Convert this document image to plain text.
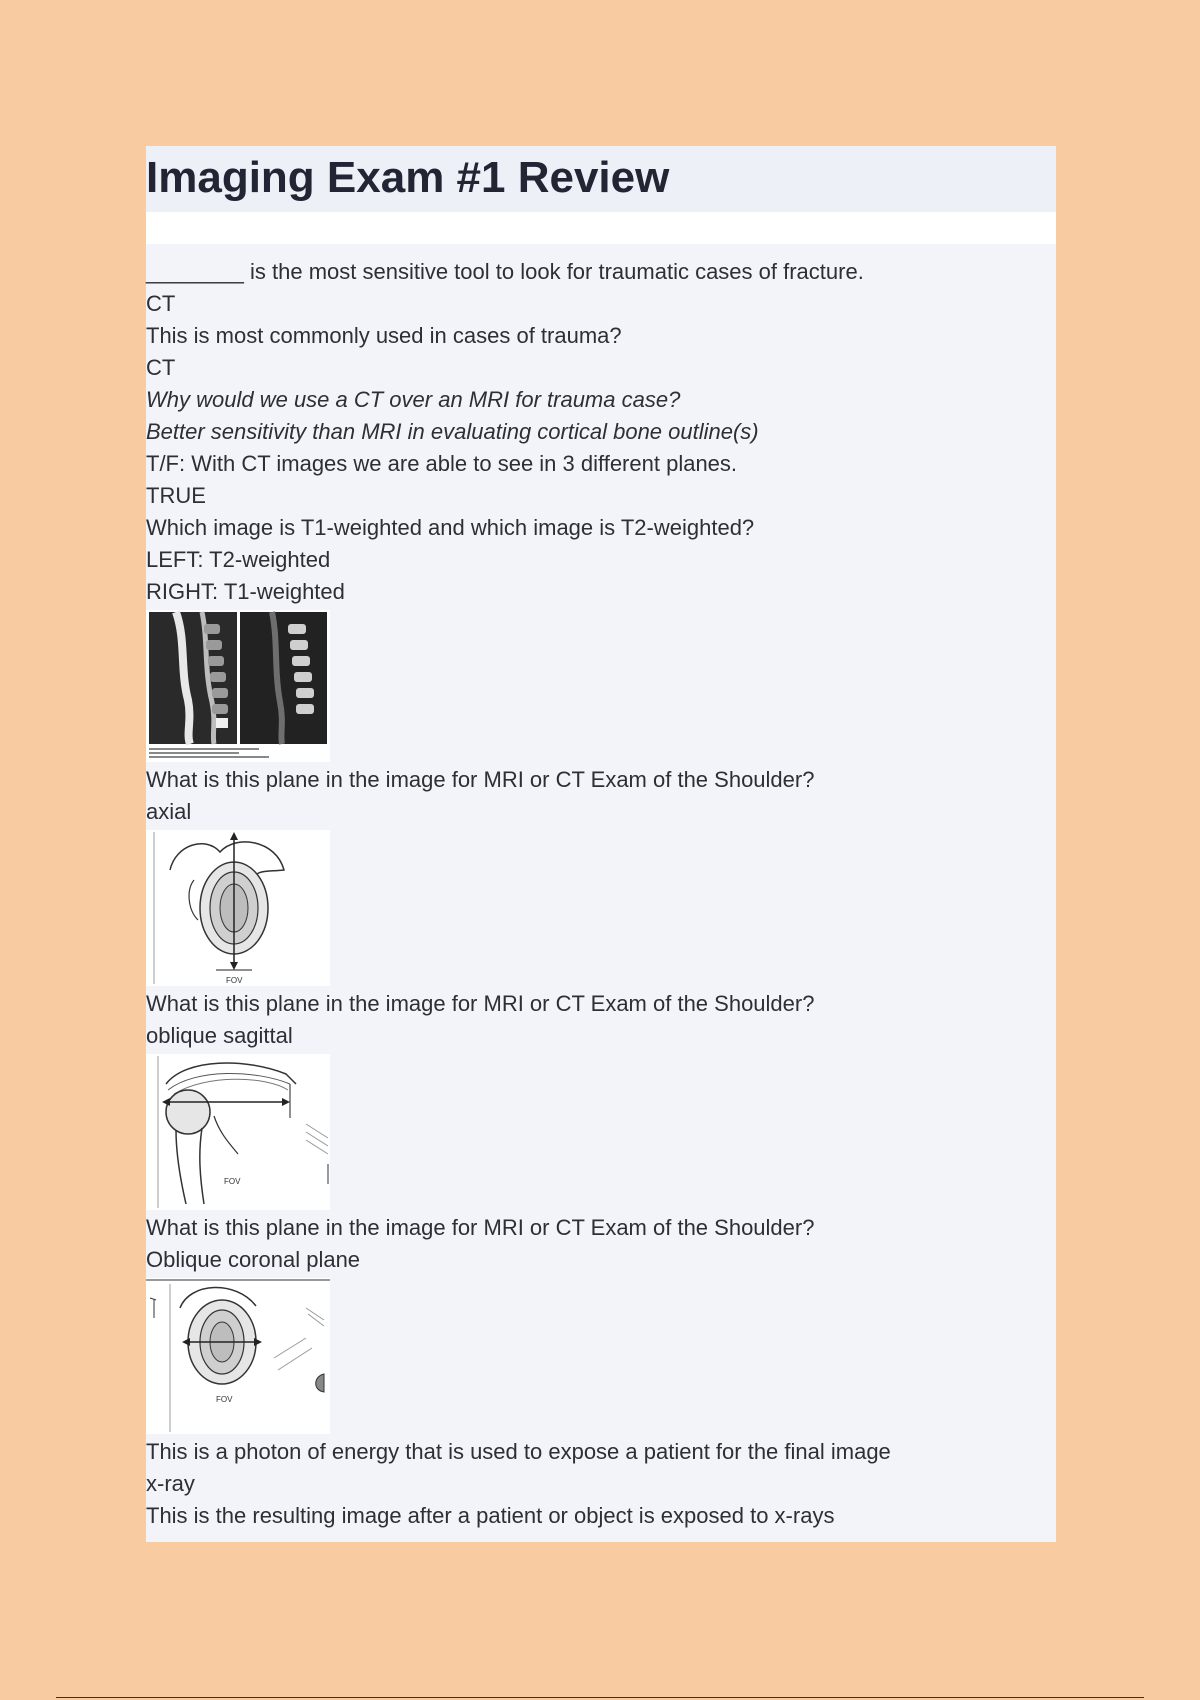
Imaging Exam #1 Review

________ is the most sensitive tool to look for traumatic cases of fracture.

CT

This is most commonly used in cases of trauma?

CT

Why would we use a CT over an MRI for trauma case?

Better sensitivity than MRI in evaluating cortical bone outline(s)

T/F: With CT images we are able to see in 3 different planes.

TRUE

Which image is T1-weighted and which image is T2-weighted?

LEFT: T2-weighted

RIGHT: T1-weighted

What is this plane in the image for MRI or CT Exam of the Shoulder?

axial

FOV

What is this plane in the image for MRI or CT Exam of the Shoulder?

oblique sagittal

FOV

What is this plane in the image for MRI or CT Exam of the Shoulder?

Oblique coronal plane

FOV

This is a photon of energy that is used to expose a patient for the final image

x-ray

This is the resulting image after a patient or object is exposed to x-rays
